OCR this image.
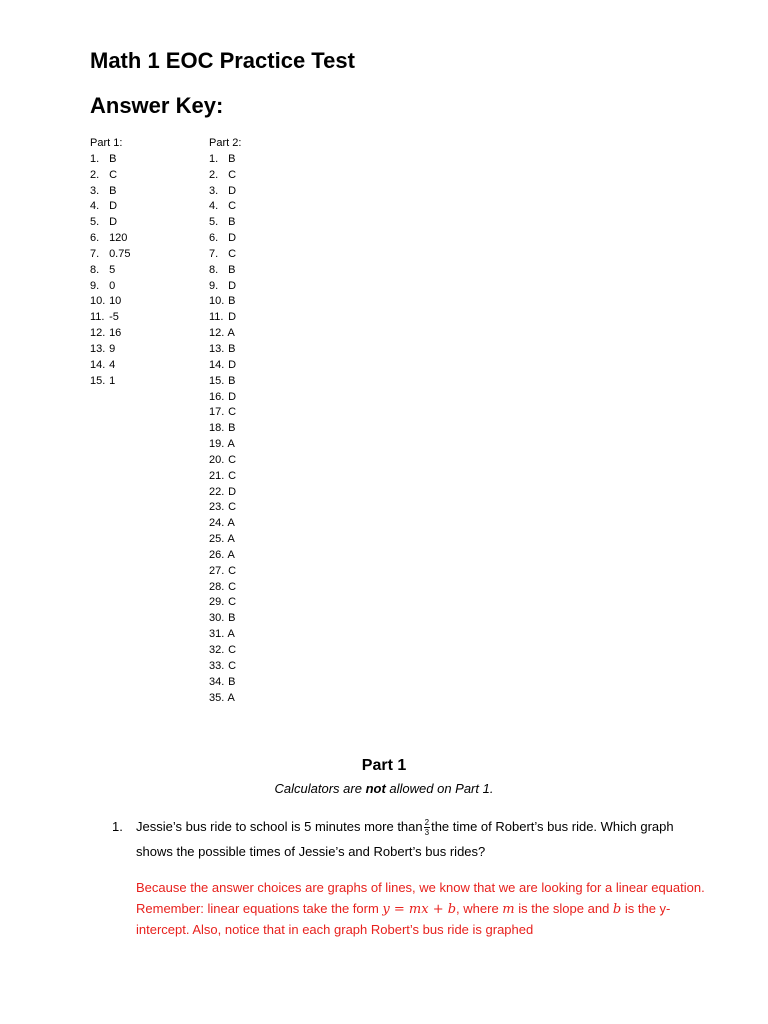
Math 1 EOC Practice Test
Answer Key:
Part 1:
1. B
2. C
3. B
4. D
5. D
6. 120
7. 0.75
8. 5
9. 0
10. 10
11. -5
12. 16
13. 9
14. 4
15. 1
Part 2:
1. B
2. C
3. D
4. C
5. B
6. D
7. C
8. B
9. D
10. B
11. D
12. A
13. B
14. D
15. B
16. D
17. C
18. B
19. A
20. C
21. C
22. D
23. C
24. A
25. A
26. A
27. C
28. C
29. C
30. B
31. A
32. C
33. C
34. B
35. A
Part 1
Calculators are not allowed on Part 1.
1. Jessie’s bus ride to school is 5 minutes more than $\frac{2}{3}$ the time of Robert’s bus ride. Which graph shows the possible times of Jessie’s and Robert’s bus rides?
Because the answer choices are graphs of lines, we know that we are looking for a linear equation. Remember: linear equations take the form y = mx + b, where m is the slope and b is the y-intercept. Also, notice that in each graph Robert’s bus ride is graphed
